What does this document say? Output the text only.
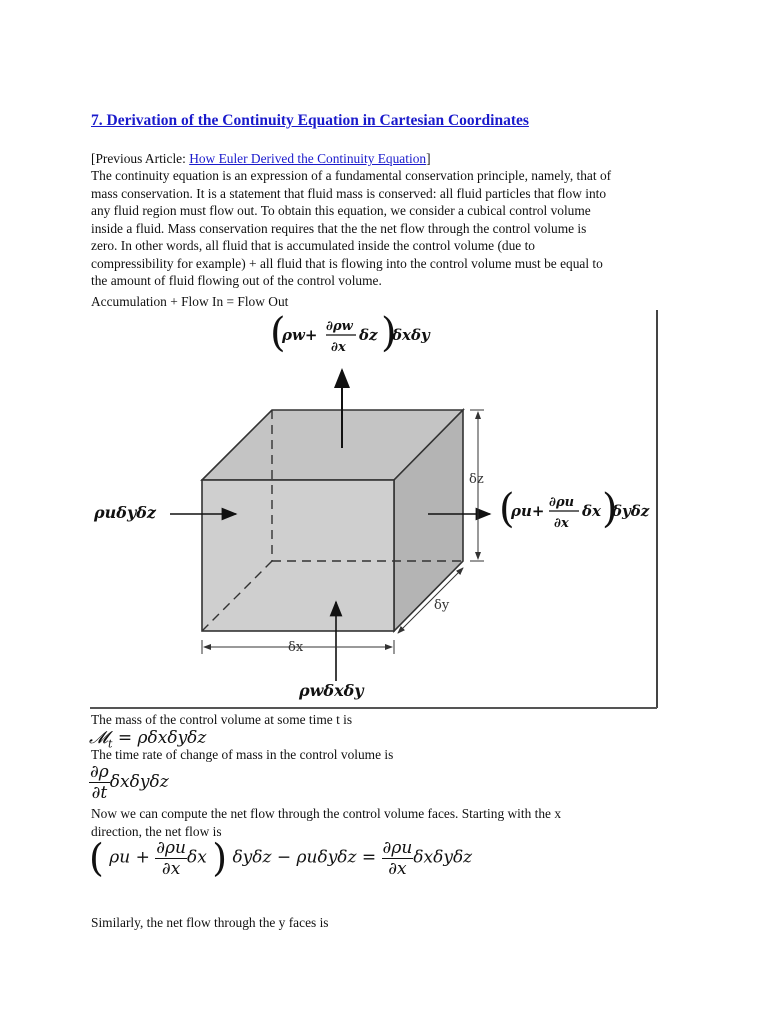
7. Derivation of the Continuity Equation in Cartesian Coordinates
[Previous Article: How Euler Derived the Continuity Equation]
The continuity equation is an expression of a fundamental conservation principle, namely, that of
mass conservation. It is a statement that fluid mass is conserved: all fluid particles that flow into
any fluid region must flow out. To obtain this equation, we consider a cubical control volume
inside a fluid. Mass conservation requires that the the net flow through the control volume is
zero. In other words, all fluid that is accumulated inside the control volume (due to
compressibility for example) + all fluid that is flowing into the control volume must be equal to
the amount of fluid flowing out of the control volume.
Accumulation + Flow In = Flow Out
δz
δy
δx
(
ρw+ ∂ρw
∂x
δz )
δxδy
ρuδyδz	(
ρu+ ∂ρu
∂x
δx )
δyδz
ρwδxδy
The mass of the control volume at some time t is
𝓜$_t$ = ρδxδyδz
The time rate of change of mass in the control volume is
$\frac{\partial\rho}{\partial t}$ δxδyδz
Now we can compute the net flow through the control volume faces. Starting with the x
direction, the net flow is
( $\rho u + \frac{\partial\rho u}{\partial x}$ δx ) $\delta y\delta z - \rho u\delta y\delta z = \frac{\partial\rho u}{\partial x}$ δxδyδz
Similarly, the net flow through the y faces is
